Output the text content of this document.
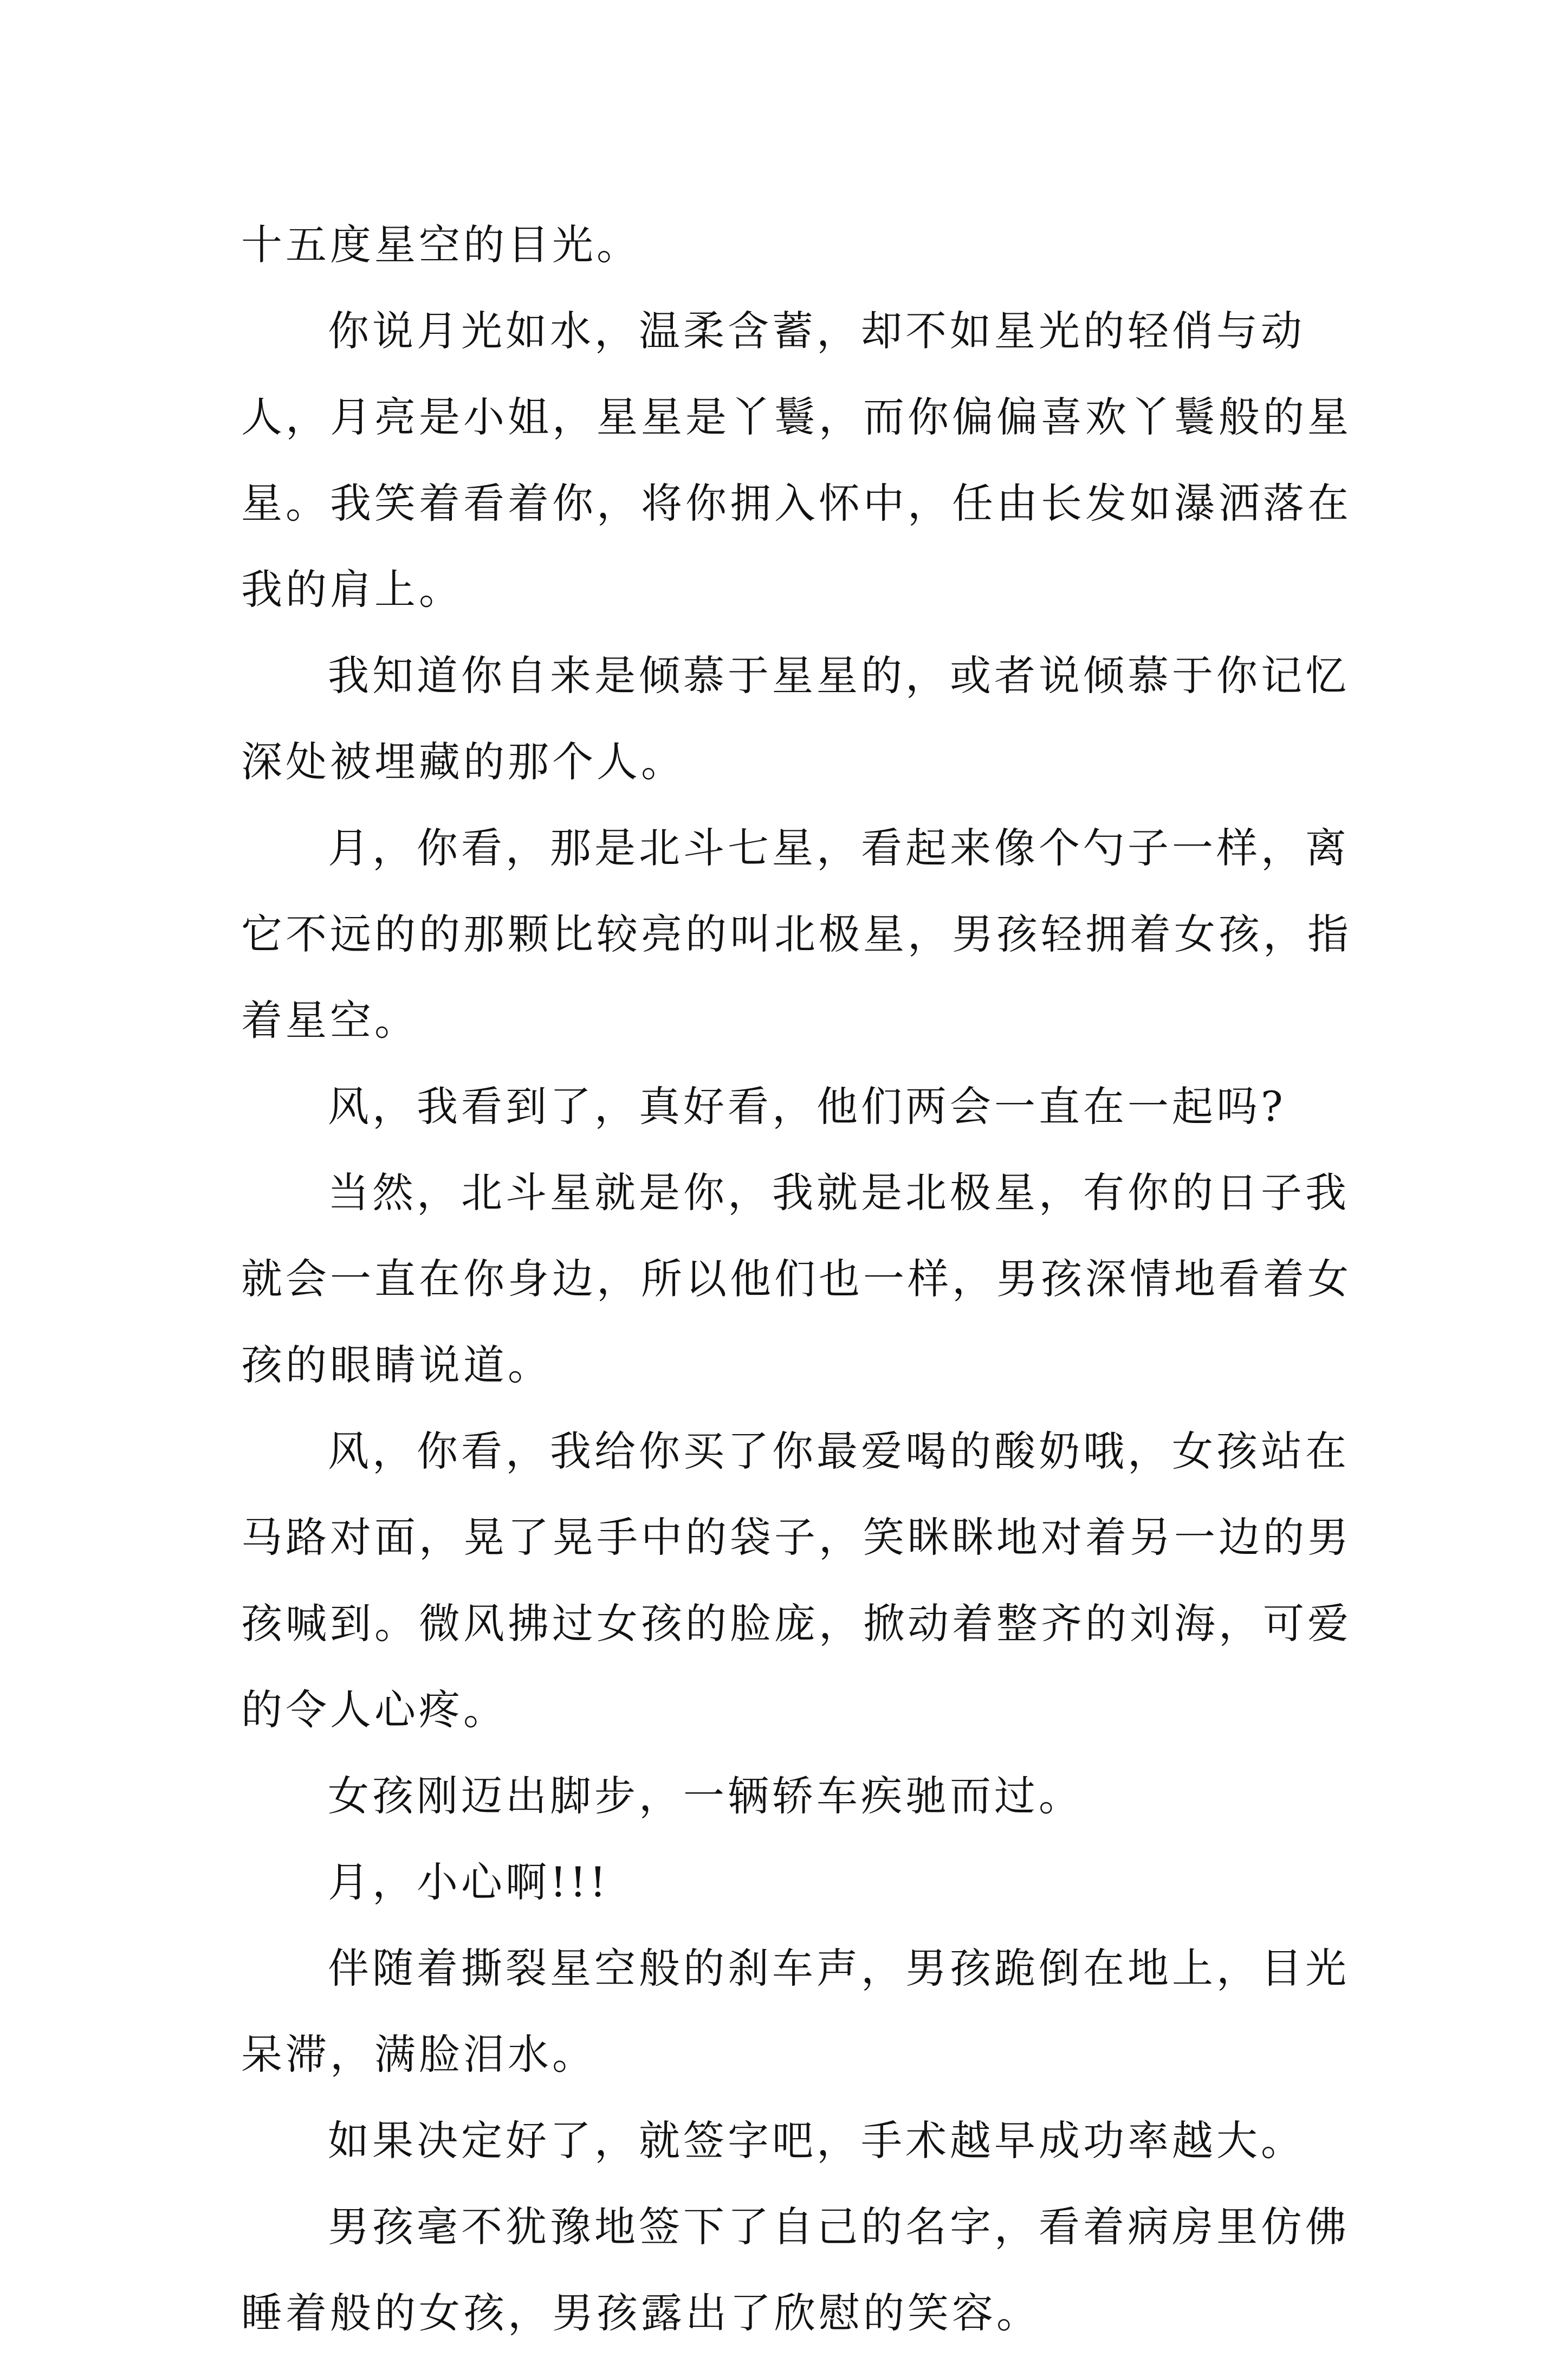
十五度星空的目光。

你说月光如水，温柔含蓄，却不如星光的轻俏与动人，月亮是小姐，星星是丫鬟，而你偏偏喜欢丫鬟般的星星。我笑着看着你，将你拥入怀中，任由长发如瀑洒落在我的肩上。

我知道你自来是倾慕于星星的，或者说倾慕于你记忆深处被埋藏的那个人。

月，你看，那是北斗七星，看起来像个勺子一样，离它不远的的那颗比较亮的叫北极星，男孩轻拥着女孩，指着星空。

风，我看到了，真好看，他们两会一直在一起吗?

当然，北斗星就是你，我就是北极星，有你的日子我就会一直在你身边，所以他们也一样，男孩深情地看着女孩的眼睛说道。

风，你看，我给你买了你最爱喝的酸奶哦，女孩站在马路对面，晃了晃手中的袋子，笑眯眯地对着另一边的男孩喊到。微风拂过女孩的脸庞，掀动着整齐的刘海，可爱的令人心疼。

女孩刚迈出脚步，一辆轿车疾驰而过。

月，小心啊!!!

伴随着撕裂星空般的刹车声，男孩跪倒在地上，目光呆滞，满脸泪水。

如果决定好了，就签字吧，手术越早成功率越大。

男孩毫不犹豫地签下了自己的名字，看着病房里仿佛睡着般的女孩，男孩露出了欣慰的笑容。
